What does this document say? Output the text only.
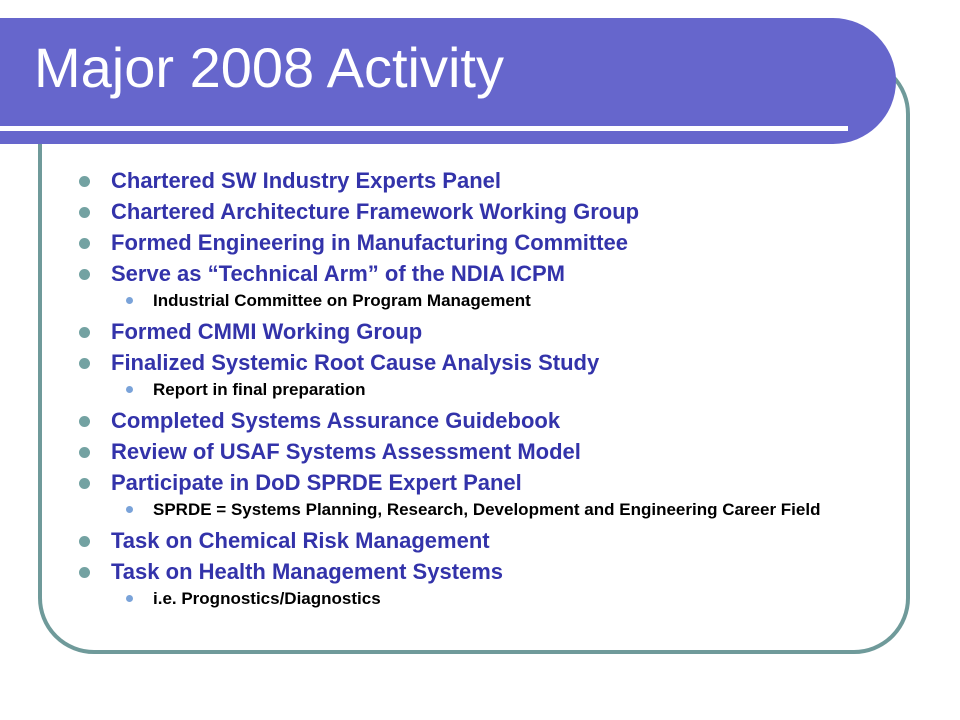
Major 2008 Activity
Chartered SW Industry Experts Panel
Chartered Architecture Framework Working Group
Formed Engineering in Manufacturing Committee
Serve as “Technical Arm” of the NDIA ICPM
Industrial Committee on Program Management
Formed CMMI Working Group
Finalized Systemic Root Cause Analysis Study
Report in final preparation
Completed Systems Assurance Guidebook
Review of USAF Systems Assessment Model
Participate in DoD SPRDE Expert Panel
SPRDE = Systems Planning, Research, Development and Engineering Career Field
Task on Chemical Risk Management
Task on Health Management Systems
i.e. Prognostics/Diagnostics
